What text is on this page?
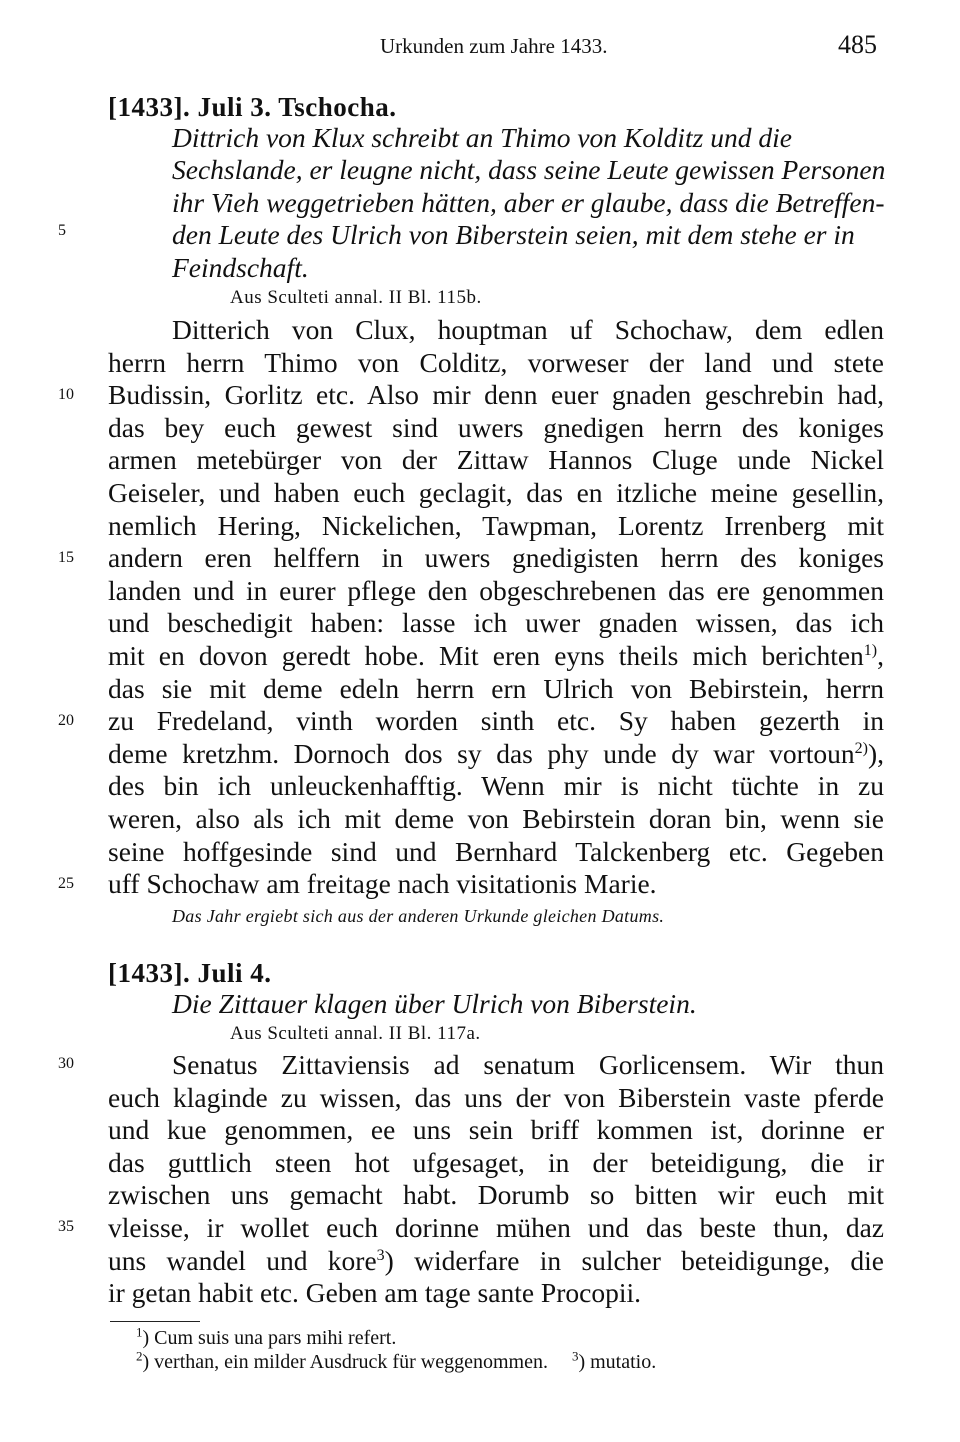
Urkunden zum Jahre 1433.	485
[1433]. Juli 3. Tschocha.
Dittrich von Klux schreibt an Thimo von Kolditz und die
Sechslande, er leugne nicht, dass seine Leute gewissen Personen
ihr Vieh weggetrieben hätten, aber er glaube, dass die Betreffen-
den Leute des Ulrich von Biberstein seien, mit dem stehe er in
Feindschaft.
Aus Sculteti annal. II Bl. 115b.
Ditterich von Clux, houptman uf Schochaw, dem edlen
herrn herrn Thimo von Colditz, vorweser der land und stete
Budissin, Gorlitz etc. Also mir denn euer gnaden geschrebin had,
das bey euch gewest sind uwers gnedigen herrn des koniges
armen metebürger von der Zittaw Hannos Cluge unde Nickel
Geiseler, und haben euch geclagit, das en itzliche meine gesellin,
nemlich Hering, Nickelichen, Tawpman, Lorentz Irrenberg mit
andern eren helffern in uwers gnedigisten herrn des koniges
landen und in eurer pflege den obgeschrebenen das ere genommen
und beschedigit haben: lasse ich uwer gnaden wissen, das ich
mit en dovon geredt hobe. Mit eren eyns theils mich berichten$^{1)}$,
das sie mit deme edeln herrn ern Ulrich von Bebirstein, herrn
zu Fredeland, vinth worden sinth etc. Sy haben gezerth in
deme kretzhm. Dornoch dos sy das phy unde dy war vortoun$^{2)}$),
des bin ich unleuckenhafftig. Wenn mir is nicht tüchte in zu
weren, also als ich mit deme von Bebirstein doran bin, wenn sie
seine hoffgesinde sind und Bernhard Talckenberg etc. Gegeben
uff Schochaw am freitage nach visitationis Marie.
Das Jahr ergiebt sich aus der anderen Urkunde gleichen Datums.
[1433]. Juli 4.
Die Zittauer klagen über Ulrich von Biberstein.
Aus Sculteti annal. II Bl. 117a.
Senatus Zittaviensis ad senatum Gorlicensem. Wir thun
euch klaginde zu wissen, das uns der von Biberstein vaste pferde
und kue genommen, ee uns sein briff kommen ist, dorinne er
das guttlich steen hot ufgesaget, in der beteidigung, die ir
zwischen uns gemacht habt. Dorumb so bitten wir euch mit
vleisse, ir wollet euch dorinne mühen und das beste thun, daz
uns wandel und kore$^3$) widerfare in sulcher beteidigunge, die
ir getan habit etc. Geben am tage sante Procopii.
5
10
15
20
25
30
35
$^1$) Cum suis una pars mihi refert.
$^2$) verthan, ein milder Ausdruck für weggenommen. $^3$) mutatio.
